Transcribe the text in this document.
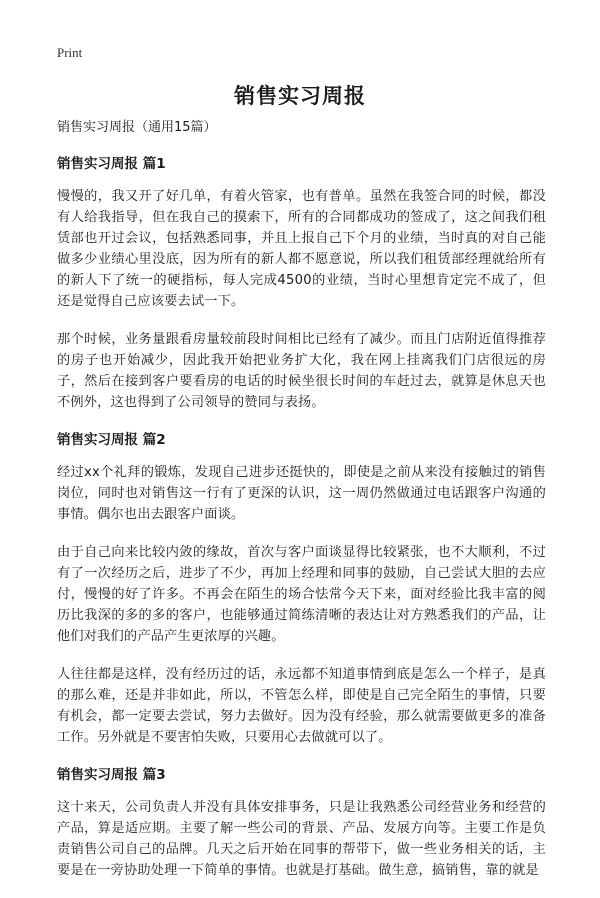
Print
销售实习周报

销售实习周报（通用15篇）

销售实习周报 篇1

慢慢的，我又开了好几单，有着火管家，也有普单。虽然在我签合同的时候，都没有人给我指导，但在我自己的摸索下，所有的合同都成功的签成了，这之间我们租赁部也开过会议，包括熟悉同事，并且上报自己下个月的业绩，当时真的对自己能做多少业绩心里没底，因为所有的新人都不愿意说，所以我们租赁部经理就给所有的新人下了统一的硬指标，每人完成4500的业绩，当时心里想肯定完不成了，但还是觉得自己应该要去试一下。

那个时候，业务量跟看房量较前段时间相比已经有了减少。而且门店附近值得推荐的房子也开始减少，因此我开始把业务扩大化，我在网上挂离我们门店很远的房子，然后在接到客户要看房的电话的时候坐很长时间的车赶过去，就算是休息天也不例外，这也得到了公司领导的赞同与表扬。

销售实习周报 篇2

经过xx个礼拜的锻炼，发现自己进步还挺快的，即使是之前从来没有接触过的销售岗位，同时也对销售这一行有了更深的认识，这一周仍然做通过电话跟客户沟通的事情。偶尔也出去跟客户面谈。

由于自己向来比较内敛的缘故，首次与客户面谈显得比较紧张，也不大顺利，不过有了一次经历之后，进步了不少，再加上经理和同事的鼓励，自己尝试大胆的去应付，慢慢的好了许多。不再会在陌生的场合怯常今天下来，面对经验比我丰富的阅历比我深的多的多的客户，也能够通过简练清晰的表达让对方熟悉我们的产品，让他们对我们的产品产生更浓厚的兴趣。

人往往都是这样，没有经历过的话，永远都不知道事情到底是怎么一个样子，是真的那么难，还是并非如此，所以，不管怎么样，即使是自己完全陌生的事情，只要有机会，都一定要去尝试，努力去做好。因为没有经验，那么就需要做更多的准备工作。另外就是不要害怕失败，只要用心去做就可以了。

销售实习周报 篇3

这十来天，公司负责人并没有具体安排事务，只是让我熟悉公司经营业务和经营的产品，算是适应期。主要了解一些公司的背景、产品、发展方向等。主要工作是负责销售公司自己的品牌。几天之后开始在同事的帮带下，做一些业务相关的话，主要是在一旁协助处理一下简单的事情。也就是打基础。做生意，搞销售，靠的就是
